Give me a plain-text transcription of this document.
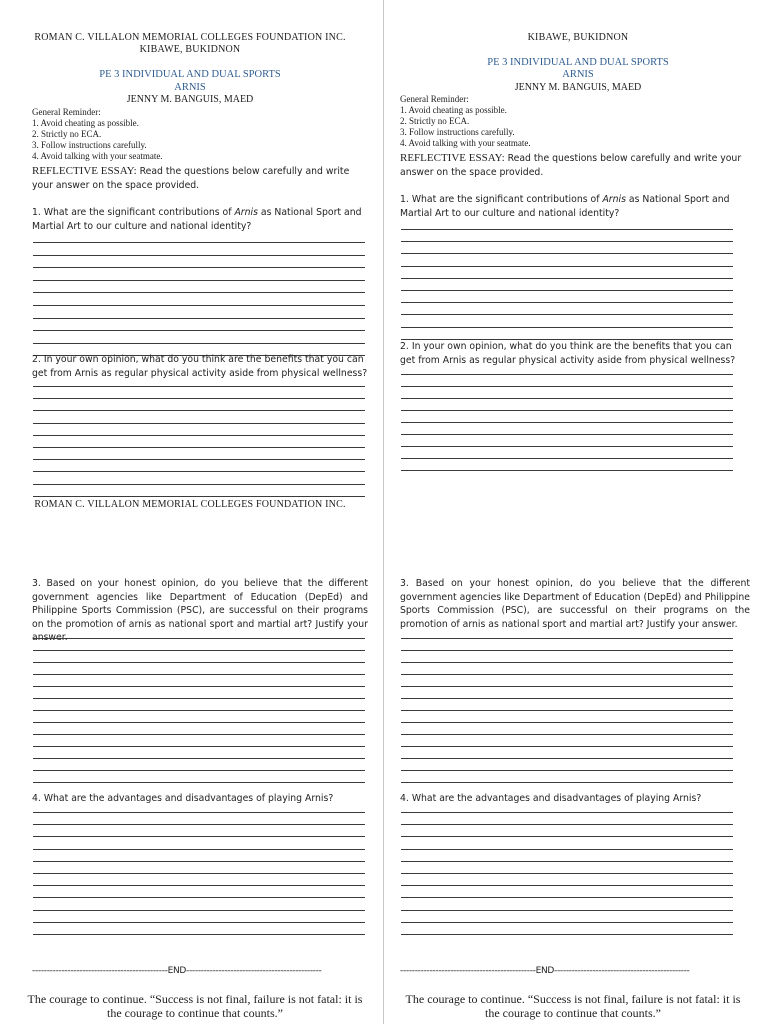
ROMAN C. VILLALON MEMORIAL COLLEGES FOUNDATION INC.
KIBAWE, BUKIDNON
PE 3 INDIVIDUAL AND DUAL SPORTS
ARNIS
JENNY M. BANGUIS, MAED
General Reminder:
1. Avoid cheating as possible.
2. Strictly no ECA.
3. Follow instructions carefully.
4. Avoid talking with your seatmate.
REFLECTIVE ESSAY: Read the questions below carefully and write your answer on the space provided.
1. What are the significant contributions of Arnis as National Sport and Martial Art to our culture and national identity?
2. In your own opinion, what do you think are the benefits that you can get from Arnis as regular physical activity aside from physical wellness?
ROMAN C. VILLALON MEMORIAL COLLEGES FOUNDATION INC.
3. Based on your honest opinion, do you believe that the different government agencies like Department of Education (DepEd) and Philippine Sports Commission (PSC), are successful on their programs on the promotion of arnis as national sport and martial art? Justify your answer.
4. What are the advantages and disadvantages of playing Arnis?
----------------------------------------------END----------------------------------------------
The courage to continue. “Success is not final, failure is not fatal: it is the courage to continue that counts.”
KIBAWE, BUKIDNON
PE 3 INDIVIDUAL AND DUAL SPORTS
ARNIS
JENNY M. BANGUIS, MAED
General Reminder:
1. Avoid cheating as possible.
2. Strictly no ECA.
3. Follow instructions carefully.
4. Avoid talking with your seatmate.
REFLECTIVE ESSAY: Read the questions below carefully and write your answer on the space provided.
1. What are the significant contributions of Arnis as National Sport and Martial Art to our culture and national identity?
2. In your own opinion, what do you think are the benefits that you can get from Arnis as regular physical activity aside from physical wellness?
3. Based on your honest opinion, do you believe that the different government agencies like Department of Education (DepEd) and Philippine Sports Commission (PSC), are successful on their programs on the promotion of arnis as national sport and martial art? Justify your answer.
4. What are the advantages and disadvantages of playing Arnis?
----------------------------------------------END----------------------------------------------
The courage to continue. “Success is not final, failure is not fatal: it is the courage to continue that counts.”
